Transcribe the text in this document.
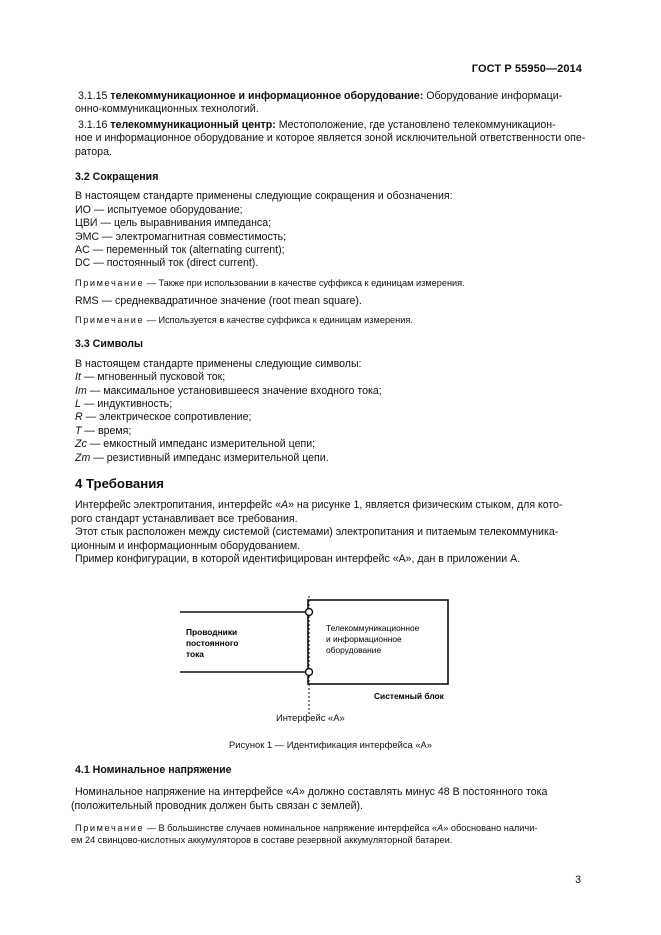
ГОСТ Р 55950—2014

3.1.15 телекоммуникационное и информационное оборудование: Оборудование информаци-

онно-коммуникационных технологий.

3.1.16 телекоммуникационный центр: Местоположение, где установлено телекоммуникацион-

ное и информационное оборудование и которое является зоной исключительной ответственности опе-

ратора.

3.2 Сокращения

В настоящем стандарте применены следующие сокращения и обозначения:

ИО — испытуемое оборудование;

ЦВИ — цель выравнивания импеданса;

ЭМС — электромагнитная совместимость;

AC — переменный ток (alternating current);

DC — постоянный ток (direct current).

Примечание — Также при использовании в качестве суффикса к единицам измерения.

RMS — среднеквадратичное значение (root mean square).

Примечание — Используется в качестве суффикса к единицам измерения.

3.3 Символы

В настоящем стандарте применены следующие символы:

It — мгновенный пусковой ток;

Im — максимальное установившееся значение входного тока;

L — индуктивность;

R — электрическое сопротивление;

T — время;

Zc — емкостный импеданс измерительной цепи;

Zm — резистивный импеданс измерительной цепи.

4 Требования

Интерфейс электропитания, интерфейс «А» на рисунке 1, является физическим стыком, для кото-

рого стандарт устанавливает все требования.

Этот стык расположен между системой (системами) электропитания и питаемым телекоммуника-

ционным и информационным оборудованием.

Пример конфигурации, в которой идентифицирован интерфейс «А», дан в приложении А.

Проводники
постоянного
тока
Телекоммуникационное
и информационное
оборудование
Системный блок
Интерфейс «А»
Рисунок 1 — Идентификация интерфейса «А»

4.1 Номинальное напряжение

Номинальное напряжение на интерфейсе «А» должно составлять минус 48 В постоянного тока

(положительный проводник должен быть связан с землей).

Примечание — В большинстве случаев номинальное напряжение интерфейса «А» обосновано наличи-

ем 24 свинцово-кислотных аккумуляторов в составе резервной аккумуляторной батареи.

3
